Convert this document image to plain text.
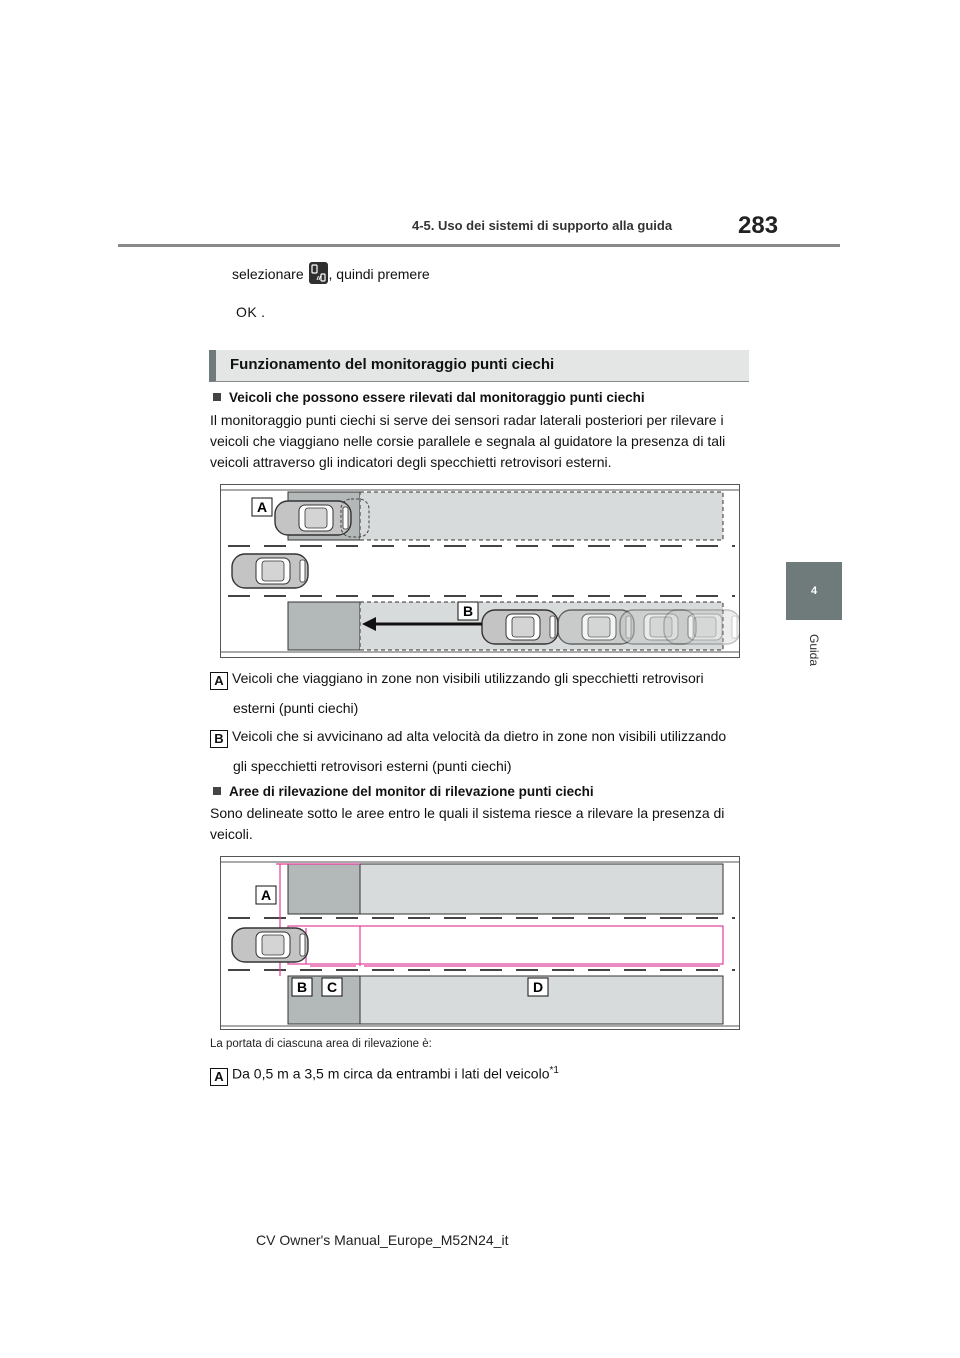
283
4-5. Uso dei sistemi di supporto alla guida
4
Guida
selezionare , quindi premere
OK .
Funzionamento del monitoraggio punti ciechi
Veicoli che possono essere rilevati dal monitoraggio punti ciechi
Il monitoraggio punti ciechi si serve dei sensori radar laterali posteriori per rilevare i
veicoli che viaggiano nelle corsie parallele e segnala al guidatore la presenza di tali
veicoli attraverso gli indicatori degli specchietti retrovisori esterni.
A
B
A Veicoli che viaggiano in zone non visibili utilizzando gli specchietti retrovisori
esterni (punti ciechi)
B Veicoli che si avvicinano ad alta velocità da dietro in zone non visibili utilizzando
gli specchietti retrovisori esterni (punti ciechi)
Aree di rilevazione del monitor di rilevazione punti ciechi
Sono delineate sotto le aree entro le quali il sistema riesce a rilevare la presenza di
veicoli.
A
B C	D
La portata di ciascuna area di rilevazione è:
A Da 0,5 m a 3,5 m circa da entrambi i lati del veicolo$^{*1}$
CV Owner's Manual_Europe_M52N24_it
